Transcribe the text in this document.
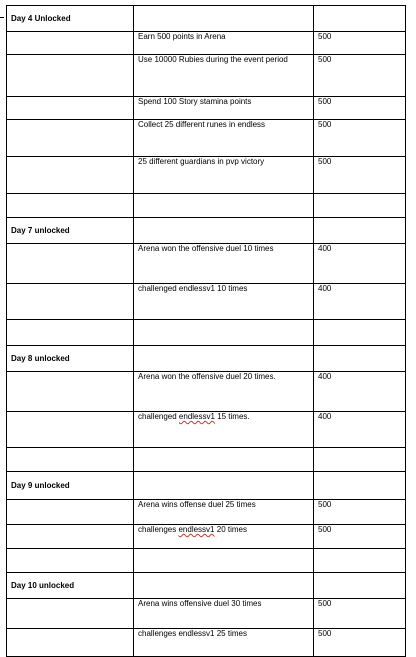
Day 4 Unlocked		
	Earn 500 points in Arena	500
	Use 10000 Rubies during the event period	500
	Spend 100 Story stamina points	500
	Collect 25 different runes in endless	500
	25 different guardians in pvp victory	500

Day 7 unlocked		
	Arena won the offensive duel 10 times	400
	challenged endlessv1 10 times	400

Day 8 unlocked		
	Arena won the offensive duel 20 times.	400
	challenged endlessv1 15 times.	400

Day 9 unlocked		
	Arena wins offense duel 25 times	500
	challenges endlessv1 20 times	500

Day 10 unlocked		
	Arena wins offensive duel 30 times	500
	challenges endlessv1 25 times	500
